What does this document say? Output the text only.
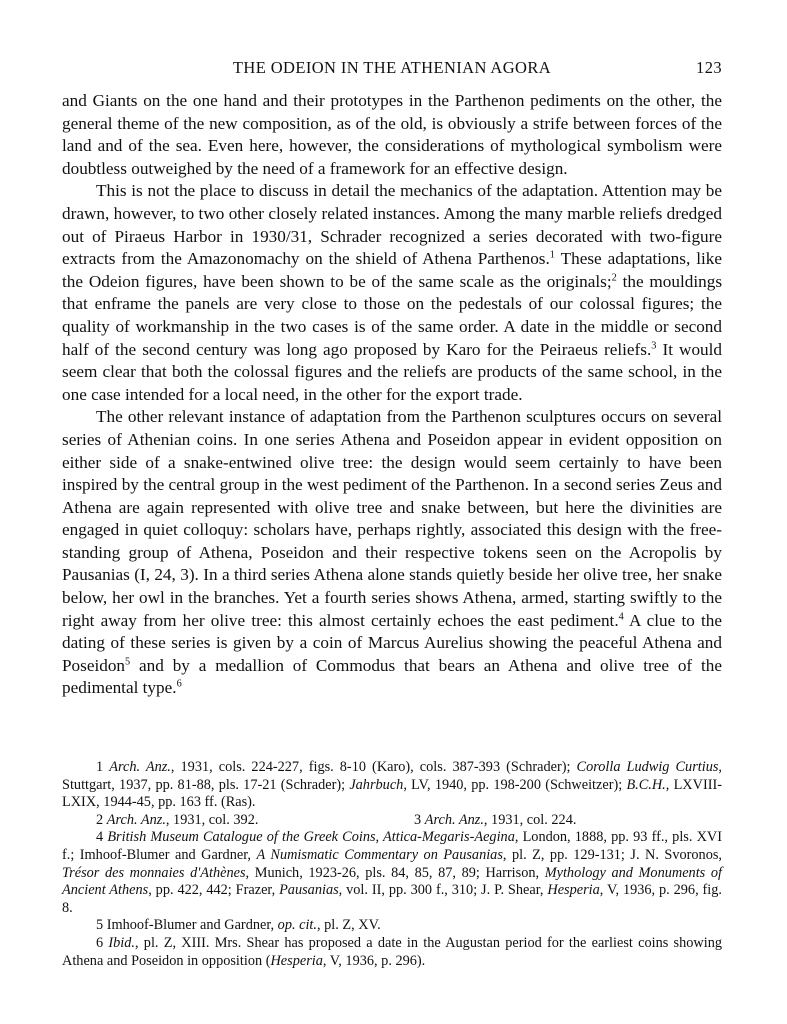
THE ODEION IN THE ATHENIAN AGORA	123

and Giants on the one hand and their prototypes in the Parthenon pediments on the other, the general theme of the new composition, as of the old, is obviously a strife between forces of the land and of the sea. Even here, however, the considerations of mythological symbolism were doubtless outweighed by the need of a framework for an effective design.

This is not the place to discuss in detail the mechanics of the adaptation. Attention may be drawn, however, to two other closely related instances. Among the many marble reliefs dredged out of Piraeus Harbor in 1930/31, Schrader recognized a series decorated with two-figure extracts from the Amazonomachy on the shield of Athena Parthenos.$^1$ These adaptations, like the Odeion figures, have been shown to be of the same scale as the originals;$^2$ the mouldings that enframe the panels are very close to those on the pedestals of our colossal figures; the quality of workmanship in the two cases is of the same order. A date in the middle or second half of the second century was long ago proposed by Karo for the Peiraeus reliefs.$^3$ It would seem clear that both the colossal figures and the reliefs are products of the same school, in the one case intended for a local need, in the other for the export trade.

The other relevant instance of adaptation from the Parthenon sculptures occurs on several series of Athenian coins. In one series Athena and Poseidon appear in evident opposition on either side of a snake-entwined olive tree: the design would seem certainly to have been inspired by the central group in the west pediment of the Parthenon. In a second series Zeus and Athena are again represented with olive tree and snake between, but here the divinities are engaged in quiet colloquy: scholars have, perhaps rightly, associated this design with the free-standing group of Athena, Poseidon and their respective tokens seen on the Acropolis by Pausanias (I, 24, 3). In a third series Athena alone stands quietly beside her olive tree, her snake below, her owl in the branches. Yet a fourth series shows Athena, armed, starting swiftly to the right away from her olive tree: this almost certainly echoes the east pediment.$^4$ A clue to the dating of these series is given by a coin of Marcus Aurelius showing the peaceful Athena and Poseidon$^5$ and by a medallion of Commodus that bears an Athena and olive tree of the pedimental type.$^6$

1 Arch. Anz., 1931, cols. 224-227, figs. 8-10 (Karo), cols. 387-393 (Schrader); Corolla Ludwig Curtius, Stuttgart, 1937, pp. 81-88, pls. 17-21 (Schrader); Jahrbuch, LV, 1940, pp. 198-200 (Schweitzer); B.C.H., LXVIII-LXIX, 1944-45, pp. 163 ff. (Ras).

2 Arch. Anz., 1931, col. 392.	3 Arch. Anz., 1931, col. 224.

4 British Museum Catalogue of the Greek Coins, Attica-Megaris-Aegina, London, 1888, pp. 93 ff., pls. XVI f.; Imhoof-Blumer and Gardner, A Numismatic Commentary on Pausanias, pl. Z, pp. 129-131; J. N. Svoronos, Trésor des monnaies d'Athènes, Munich, 1923-26, pls. 84, 85, 87, 89; Harrison, Mythology and Monuments of Ancient Athens, pp. 422, 442; Frazer, Pausanias, vol. II, pp. 300 f., 310; J. P. Shear, Hesperia, V, 1936, p. 296, fig. 8.

5 Imhoof-Blumer and Gardner, op. cit., pl. Z, XV.

6 Ibid., pl. Z, XIII. Mrs. Shear has proposed a date in the Augustan period for the earliest coins showing Athena and Poseidon in opposition (Hesperia, V, 1936, p. 296).
